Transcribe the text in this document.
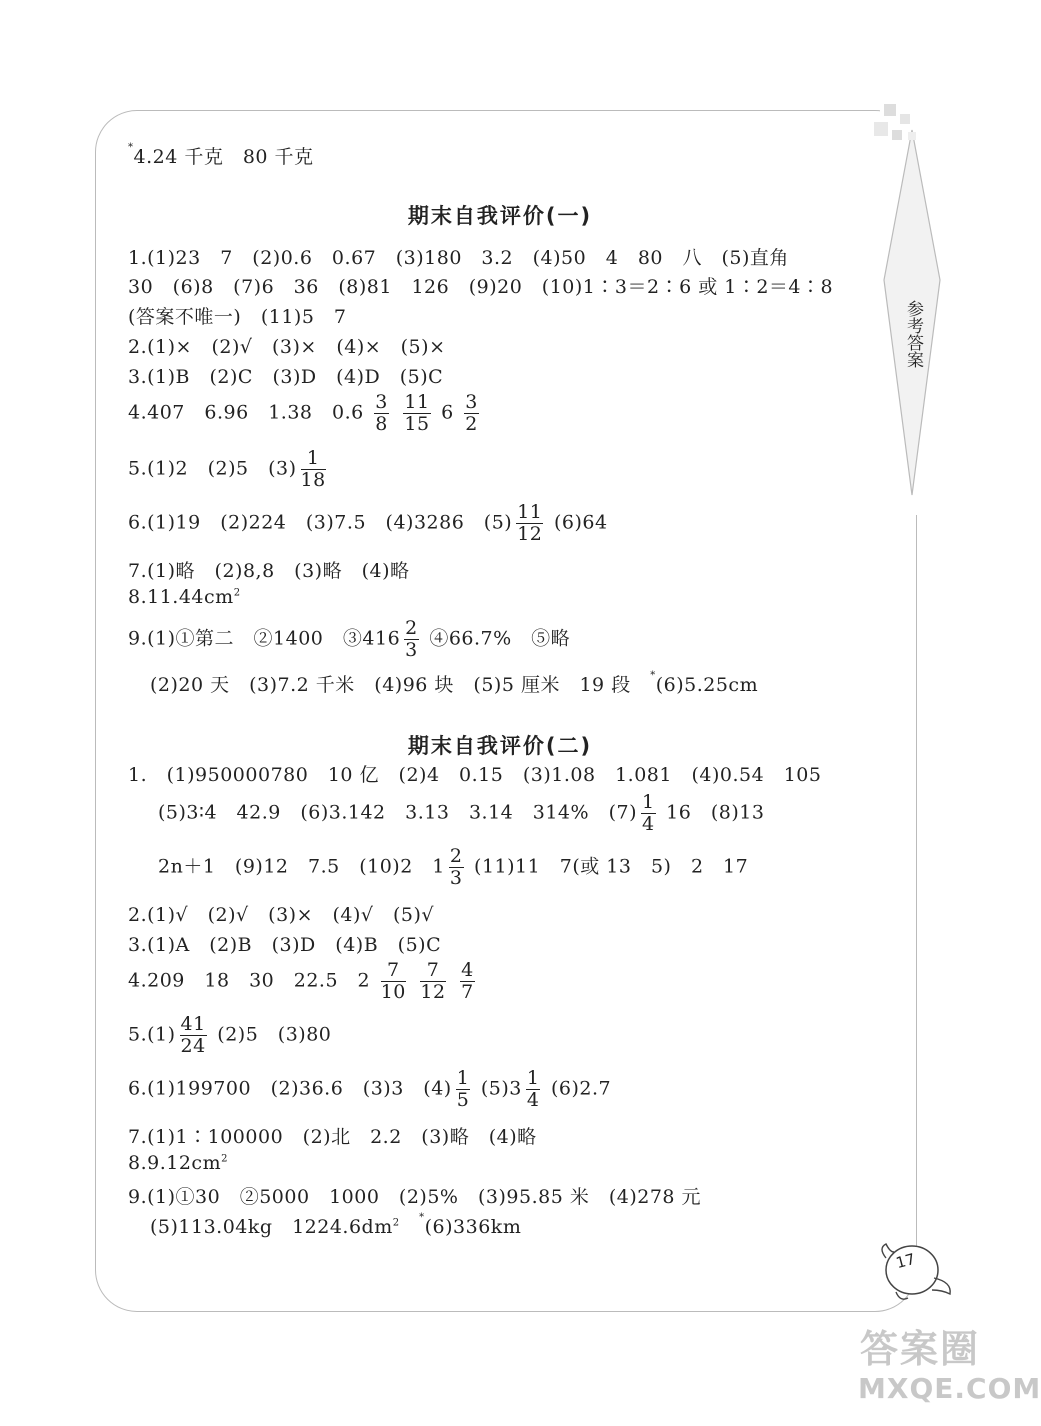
参考答案
*4.24 千克　80 千克
期末自我评价(一)
1.(1)23　7　(2)0.6　0.67　(3)180　3.2　(4)50　4　80　八　(5)直角
30　(6)8　(7)6　36　(8)81　126　(9)20　(10)1∶3＝2∶6 或 1∶2＝4∶8
(答案不唯一)　(11)5　7
2.(1)×　(2)√　(3)×　(4)×　(5)×
3.(1)B　(2)C　(3)D　(4)D　(5)C
4.407　6.96　1.38　$0.6 \frac{3}{8}$
$\frac{11}{15} 6 \frac{3}{2}$
5.(1)2　(2)5　$(3) \frac{1}{18}$
6.(1)19　(2)224　(3)7.5　(4)3286　$(5) \frac{11}{12} (6)64$
7.(1)略　(2)8,8　(3)略　(4)略
$8.11.44cm^2$
9.(1)①第二　②1400　③416 $\frac{2}{3}$ ④66.7%　⑤略
(2)20 天　(3)7.2 千米　(4)96 块　(5)5 厘米　19 段　 *(6)5.25cm
期末自我评价(二)
1.　(1)950000780　10 亿　(2)4　0.15　(3)1.08　1.081　(4)0.54　105
(5)3∶4　42.9　(6)3.142　3.13　3.14　314%　$(7) \frac{1}{4} 16$　(8)13
2n＋1　(9)12　7.5　(10)2　$1 \frac{2}{3} (11)11$　7(或 13　5)　2　17
2.(1)√　(2)√　(3)×　(4)√　(5)√
3.(1)A　(2)B　(3)D　(4)B　(5)C
4.209　18　30　22.5　$2 \frac{7}{10}$
$\frac{7}{12}$
$\frac{4}{7}$
$5.(1) \frac{41}{24} (2)5$　(3)80
6.(1)199700　(2)36.6　(3)3　$(4) \frac{1}{5} (5)3 \frac{1}{4} (6)2.7$
7.(1)1∶100000　(2)北　2.2　(3)略　(4)略
$8.9.12cm^2$
9.(1)①30　②5000　1000　(2)5%　(3)95.85 米　(4)278 元
(5)113.04kg　$1224.6dm^2$　*(6)336km
17
答案圈
MXQE.COM
